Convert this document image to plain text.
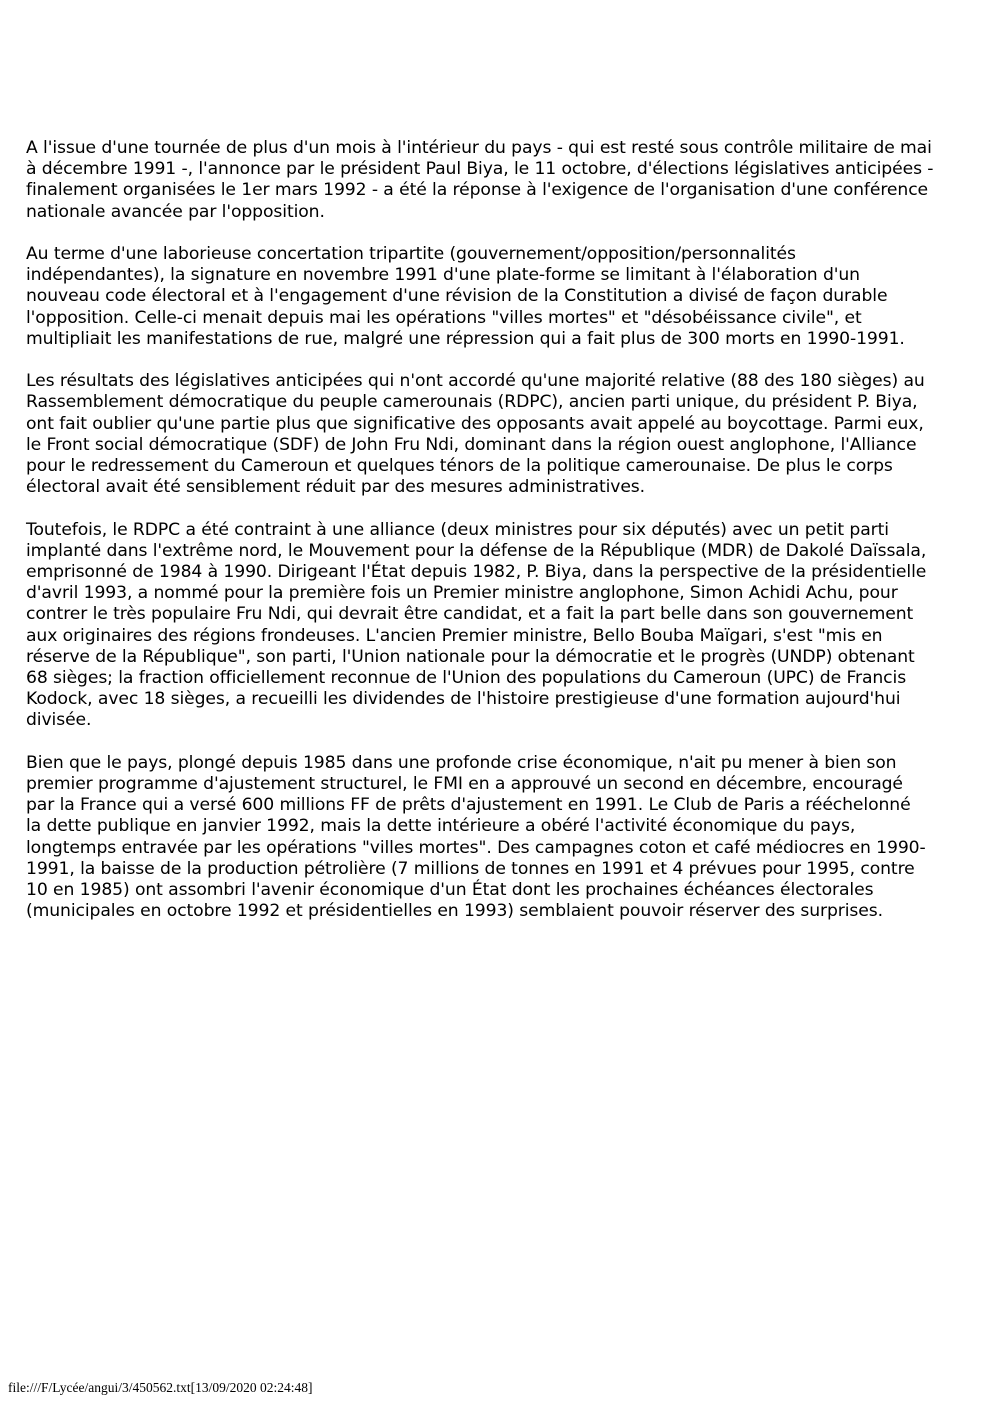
A l'issue d'une tournée de plus d'un mois à l'intérieur du pays - qui est resté sous contrôle militaire de mai
à décembre 1991 -, l'annonce par le président Paul Biya, le 11 octobre, d'élections législatives anticipées -
finalement organisées le 1er mars 1992 - a été la réponse à l'exigence de l'organisation d'une conférence
nationale avancée par l'opposition.

Au terme d'une laborieuse concertation tripartite (gouvernement/opposition/personnalités
indépendantes), la signature en novembre 1991 d'une plate-forme se limitant à l'élaboration d'un
nouveau code électoral et à l'engagement d'une révision de la Constitution a divisé de façon durable
l'opposition. Celle-ci menait depuis mai les opérations "villes mortes" et "désobéissance civile", et
multipliait les manifestations de rue, malgré une répression qui a fait plus de 300 morts en 1990-1991.

Les résultats des législatives anticipées qui n'ont accordé qu'une majorité relative (88 des 180 sièges) au
Rassemblement démocratique du peuple camerounais (RDPC), ancien parti unique, du président P. Biya,
ont fait oublier qu'une partie plus que significative des opposants avait appelé au boycottage. Parmi eux,
le Front social démocratique (SDF) de John Fru Ndi, dominant dans la région ouest anglophone, l'Alliance
pour le redressement du Cameroun et quelques ténors de la politique camerounaise. De plus le corps
électoral avait été sensiblement réduit par des mesures administratives.

Toutefois, le RDPC a été contraint à une alliance (deux ministres pour six députés) avec un petit parti
implanté dans l'extrême nord, le Mouvement pour la défense de la République (MDR) de Dakolé Daïssala,
emprisonné de 1984 à 1990. Dirigeant l'État depuis 1982, P. Biya, dans la perspective de la présidentielle
d'avril 1993, a nommé pour la première fois un Premier ministre anglophone, Simon Achidi Achu, pour
contrer le très populaire Fru Ndi, qui devrait être candidat, et a fait la part belle dans son gouvernement
aux originaires des régions frondeuses. L'ancien Premier ministre, Bello Bouba Maïgari, s'est "mis en
réserve de la République", son parti, l'Union nationale pour la démocratie et le progrès (UNDP) obtenant
68 sièges; la fraction officiellement reconnue de l'Union des populations du Cameroun (UPC) de Francis
Kodock, avec 18 sièges, a recueilli les dividendes de l'histoire prestigieuse d'une formation aujourd'hui
divisée.

Bien que le pays, plongé depuis 1985 dans une profonde crise économique, n'ait pu mener à bien son
premier programme d'ajustement structurel, le FMI en a approuvé un second en décembre, encouragé
par la France qui a versé 600 millions FF de prêts d'ajustement en 1991. Le Club de Paris a rééchelonné
la dette publique en janvier 1992, mais la dette intérieure a obéré l'activité économique du pays,
longtemps entravée par les opérations "villes mortes". Des campagnes coton et café médiocres en 1990-
1991, la baisse de la production pétrolière (7 millions de tonnes en 1991 et 4 prévues pour 1995, contre
10 en 1985) ont assombri l'avenir économique d'un État dont les prochaines échéances électorales
(municipales en octobre 1992 et présidentielles en 1993) semblaient pouvoir réserver des surprises.

file:///F/Lycée/angui/3/450562.txt[13/09/2020 02:24:48]
